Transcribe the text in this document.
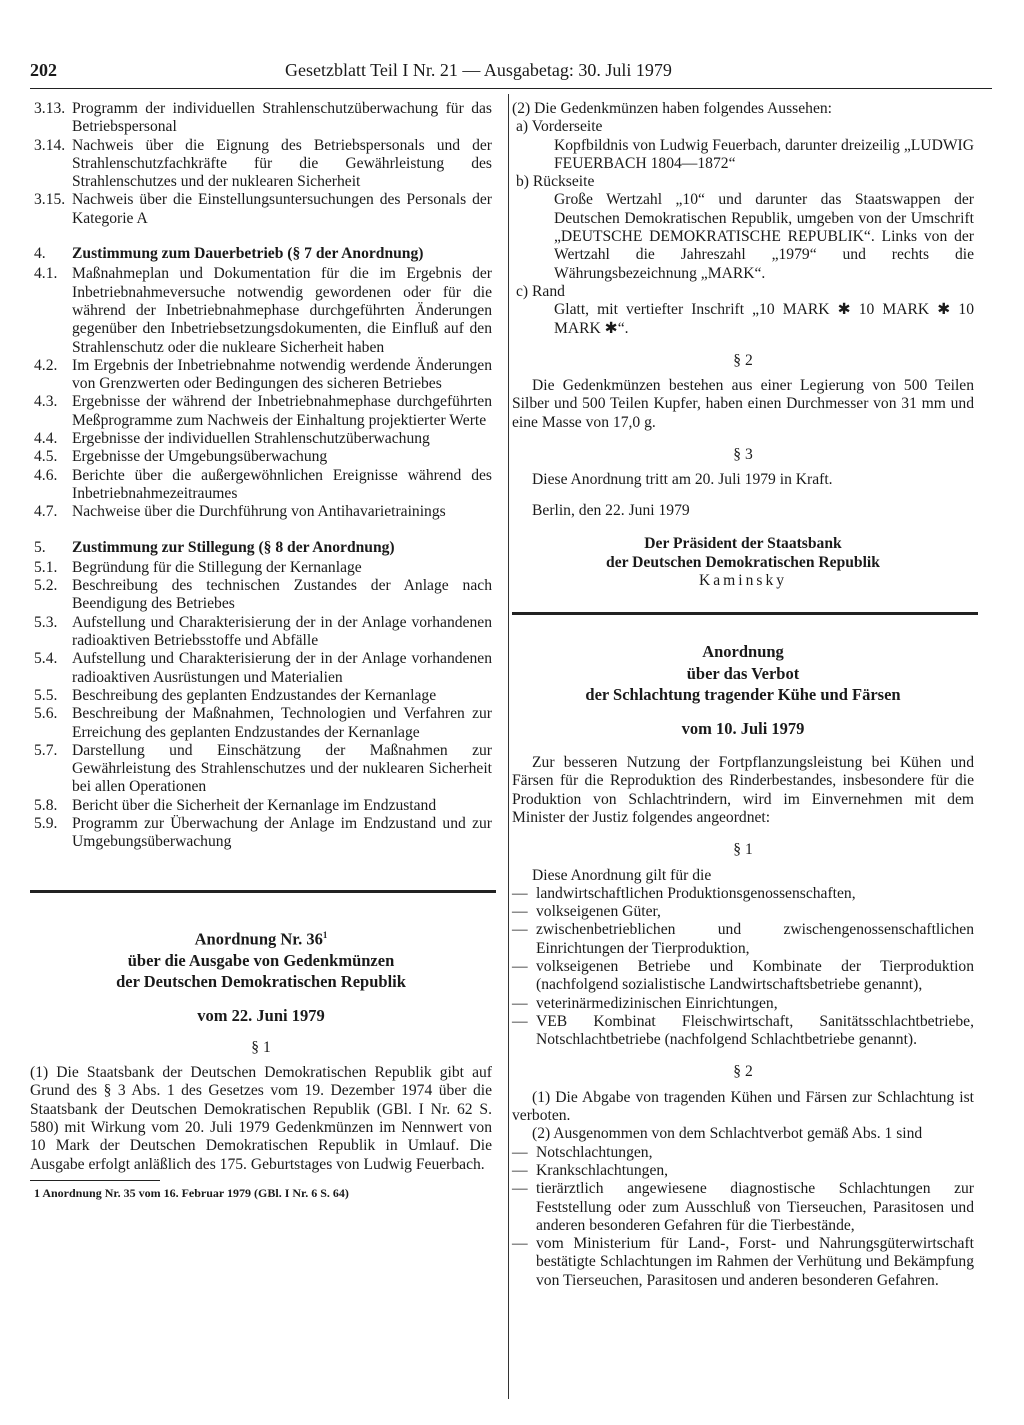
202	Gesetzblatt Teil I Nr. 21 — Ausgabetag: 30. Juli 1979
3.13. Programm der individuellen Strahlenschutzüberwachung für das Betriebspersonal
3.14. Nachweis über die Eignung des Betriebspersonals und der Strahlenschutzfachkräfte für die Gewährleistung des Strahlenschutzes und der nuklearen Sicherheit
3.15. Nachweis über die Einstellungsuntersuchungen des Personals der Kategorie A
4. Zustimmung zum Dauerbetrieb (§ 7 der Anordnung)
4.1. Maßnahmeplan und Dokumentation für die im Ergebnis der Inbetriebnahmeversuche notwendig gewordenen oder für die während der Inbetriebnahmephase durchgeführten Änderungen gegenüber den Inbetriebsetzungsdokumenten, die Einfluß auf den Strahlenschutz oder die nukleare Sicherheit haben
4.2. Im Ergebnis der Inbetriebnahme notwendig werdende Änderungen von Grenzwerten oder Bedingungen des sicheren Betriebes
4.3. Ergebnisse der während der Inbetriebnahmephase durchgeführten Meßprogramme zum Nachweis der Einhaltung projektierter Werte
4.4. Ergebnisse der individuellen Strahlenschutzüberwachung
4.5. Ergebnisse der Umgebungsüberwachung
4.6. Berichte über die außergewöhnlichen Ereignisse während des Inbetriebnahmezeitraumes
4.7. Nachweise über die Durchführung von Antihavarietrainings
5. Zustimmung zur Stillegung (§ 8 der Anordnung)
5.1. Begründung für die Stillegung der Kernanlage
5.2. Beschreibung des technischen Zustandes der Anlage nach Beendigung des Betriebes
5.3. Aufstellung und Charakterisierung der in der Anlage vorhandenen radioaktiven Betriebsstoffe und Abfälle
5.4. Aufstellung und Charakterisierung der in der Anlage vorhandenen radioaktiven Ausrüstungen und Materialien
5.5. Beschreibung des geplanten Endzustandes der Kernanlage
5.6. Beschreibung der Maßnahmen, Technologien und Verfahren zur Erreichung des geplanten Endzustandes der Kernanlage
5.7. Darstellung und Einschätzung der Maßnahmen zur Gewährleistung des Strahlenschutzes und der nuklearen Sicherheit bei allen Operationen
5.8. Bericht über die Sicherheit der Kernanlage im Endzustand
5.9. Programm zur Überwachung der Anlage im Endzustand und zur Umgebungsüberwachung
Anordnung Nr. $36^1$
über die Ausgabe von Gedenkmünzen
der Deutschen Demokratischen Republik
vom 22. Juni 1979
§ 1
(1) Die Staatsbank der Deutschen Demokratischen Republik gibt auf Grund des § 3 Abs. 1 des Gesetzes vom 19. Dezember 1974 über die Staatsbank der Deutschen Demokratischen Republik (GBl. I Nr. 62 S. 580) mit Wirkung vom 20. Juli 1979 Gedenkmünzen im Nennwert von 10 Mark der Deutschen Demokratischen Republik in Umlauf. Die Ausgabe erfolgt anläßlich des 175. Geburtstages von Ludwig Feuerbach.
1 Anordnung Nr. 35 vom 16. Februar 1979 (GBl. I Nr. 6 S. 64)
(2) Die Gedenkmünzen haben folgendes Aussehen:
a) Vorderseite
Kopfbildnis von Ludwig Feuerbach, darunter dreizeilig „LUDWIG FEUERBACH 1804—1872“
b) Rückseite
Große Wertzahl „10“ und darunter das Staatswappen der Deutschen Demokratischen Republik, umgeben von der Umschrift „DEUTSCHE DEMOKRATISCHE REPUBLIK“. Links von der Wertzahl die Jahreszahl „1979“ und rechts die Währungsbezeichnung „MARK“.
c) Rand
Glatt, mit vertiefter Inschrift „10 MARK ✱ 10 MARK ✱ 10 MARK ✱“.
§ 2
Die Gedenkmünzen bestehen aus einer Legierung von 500 Teilen Silber und 500 Teilen Kupfer, haben einen Durchmesser von 31 mm und eine Masse von 17,0 g.
§ 3
Diese Anordnung tritt am 20. Juli 1979 in Kraft.
Berlin, den 22. Juni 1979
Der Präsident der Staatsbank
der Deutschen Demokratischen Republik
Kaminsky
Anordnung
über das Verbot
der Schlachtung tragender Kühe und Färsen
vom 10. Juli 1979
Zur besseren Nutzung der Fortpflanzungsleistung bei Kühen und Färsen für die Reproduktion des Rinderbestandes, insbesondere für die Produktion von Schlachtrindern, wird im Einvernehmen mit dem Minister der Justiz folgendes angeordnet:
§ 1
Diese Anordnung gilt für die
— landwirtschaftlichen Produktionsgenossenschaften,
— volkseigenen Güter,
— zwischenbetrieblichen und zwischengenossenschaftlichen Einrichtungen der Tierproduktion,
— volkseigenen Betriebe und Kombinate der Tierproduktion (nachfolgend sozialistische Landwirtschaftsbetriebe genannt),
— veterinärmedizinischen Einrichtungen,
— VEB Kombinat Fleischwirtschaft, Sanitätsschlachtbetriebe, Notschlachtbetriebe (nachfolgend Schlachtbetriebe genannt).
§ 2
(1) Die Abgabe von tragenden Kühen und Färsen zur Schlachtung ist verboten.
(2) Ausgenommen von dem Schlachtverbot gemäß Abs. 1 sind
— Notschlachtungen,
— Krankschlachtungen,
— tierärztlich angewiesene diagnostische Schlachtungen zur Feststellung oder zum Ausschluß von Tierseuchen, Parasitosen und anderen besonderen Gefahren für die Tierbestände,
— vom Ministerium für Land-, Forst- und Nahrungsgüterwirtschaft bestätigte Schlachtungen im Rahmen der Verhütung und Bekämpfung von Tierseuchen, Parasitosen und anderen besonderen Gefahren.
